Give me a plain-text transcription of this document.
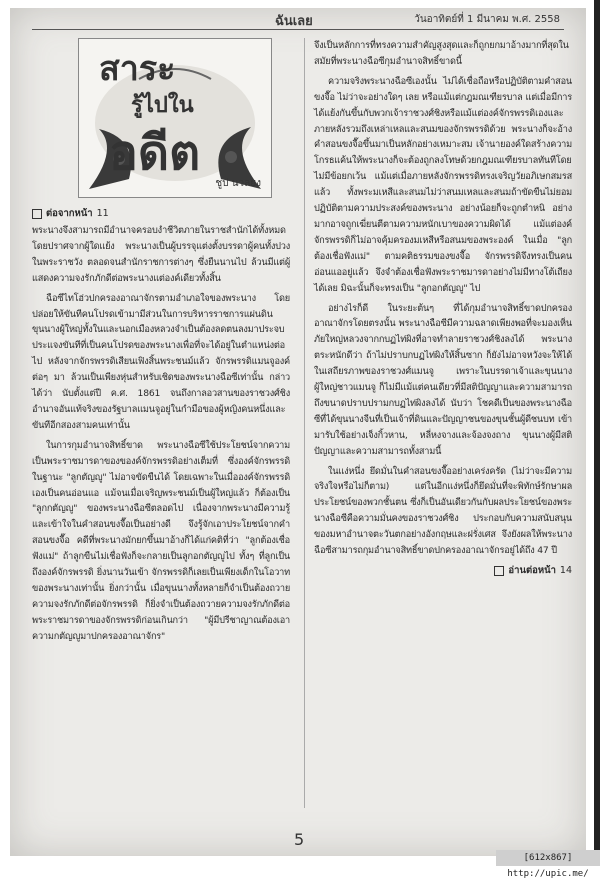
ฉันเลย	วันอาทิตย์ที่ 1 มีนาคม พ.ศ. 2558
สาระ
รู้ไปใน
อดีต
ชูป นวลยง
ต่อจากหน้า 11

พระนางจึงสามารถมีอำนาจครอบงำชีวิตภายในราชสำนักได้ทั้งหมดโดยปราศจากผู้ใดแย้ง พระนางเป็นผู้บรรจุแต่งตั้งบรรดาผู้คนทั้งปวงในพระราชวัง ตลอดจนสำนักราชการต่างๆ ซึ่งยืนนานไป ล้วนมีแต่ผู้แสดงความจงรักภักดีต่อพระนางแต่องค์เดียวทั้งสิ้น

ฉือซีไทโฮ่วปกครองอาณาจักรตามอำเภอใจของพระนาง โดยปล่อยให้ขันทีคนโปรดเข้ามามีส่วนในการบริหารราชการแผ่นดิน ขุนนางผู้ใหญ่ทั้งในและนอกเมืองหลวงจำเป็นต้องลดตนลงมาประจบประแจงขันทีที่เป็นคนโปรดของพระนางเพื่อที่จะได้อยู่ในตำแหน่งต่อไป หลังจากจักรพรรดิเสียนเฟิงสิ้นพระชนม์แล้ว จักรพรรดิแมนจูองค์ต่อๆ มา ล้วนเป็นเพียงหุ่นสำหรับเชิดของพระนางฉือซีเท่านั้น กล่าวได้ว่า นับตั้งแต่ปี ค.ศ. 1861 จนถึงกาลอวสานของราชวงศ์ชิง อำนาจอันแท้จริงของรัฐบาลแมนจูอยู่ในกำมือของผู้หญิงคนหนึ่งและขันทีอีกสองสามคนเท่านั้น

ในการกุมอำนาจสิทธิ์ขาด พระนางฉือซีใช้ประโยชน์จากความเป็นพระราชมารดาของของค์จักรพรรดิอย่างเต็มที่ ซึ่งองค์จักรพรรดิในฐานะ "ลูกตัญญู" ไม่อาจขัดขืนได้ โดยเฉพาะในเมื่อองค์จักรพรรดิเองเป็นคนอ่อนแอ แม้จนเมื่อเจริญพระชนม์เป็นผู้ใหญ่แล้ว ก็ต้องเป็น "ลูกกตัญญู" ของพระนางฉือซีตลอดไป เนื่องจากพระนางมีความรู้และเข้าใจในคำสอนขงจื๊อเป็นอย่างดี จึงรู้จักเอาประโยชน์จากคำสอนขงจื๊อ คดีที่พระนางมักยกขึ้นมาอ้างก็ได้แก่คติที่ว่า "ลูกต้องเชื่อฟังแม่" ถ้าลูกขืนไม่เชื่อฟังก็จะกลายเป็นลูกอกตัญญูไป ทั้งๆ ที่ลูกเป็นถึงองค์จักรพรรดิ ยิ่งนานวันเข้า จักรพรรดิก็เลยเป็นเพียงเด็กในโอวาทของพระนางเท่านั้น ยิ่งกว่านั้น เมื่อขุนนางทั้งหลายก็จำเป็นต้องถวายความจงรักภักดีต่อจักรพรรดิ ก็ยิ่งจำเป็นต้องถวายความจงรักภักดีต่อพระราชมารดาของจักรพรรดิก่อนเกินกว่า "ผู้มีปรีชาญาณต้องเอาความกตัญญูมาปกครองอาณาจักร"

จึงเป็นหลักการที่ทรงความสำคัญสูงสุดและก็ถูกยกมาอ้างมากที่สุดในสมัยที่พระนางฉือซีกุมอำนาจสิทธิ์ขาดนี้

ความจริงพระนางฉือซีเองนั้น ไม่ได้เชื่อถือหรือปฏิบัติตามคำสอนขงจื๊อ ไม่ว่าจะอย่างใดๆ เลย หรือแม้แต่กฎมณเฑียรบาล แต่เมื่อมีการได้แย้งกันขึ้นกับพวกเจ้าราชวงศ์ชิงหรือแม้แต่องค์จักรพรรดิเองและภายหลังรวมถึงเหล่าเหลและสนมของจักรพรรดิด้วย พระนางก็จะอ้างคำสอนขงจื๊อขึ้นมาเป็นหลักอย่างเหมาะสม เจ้านายองค์ใดสร้างความโกรธแค้นให้พระนางก็จะต้องถูกลงโทษด้วยกฎมณเฑียรบาลทันทีโดยไม่มีข้อยกเว้น แม้แต่เมื่อภายหลังจักรพรรดิทรงเจริญวัยอภิเษกสมรสแล้ว ทั้งพระมเหสีและสนมไม่ว่าสนมเหลและสนมถ้าขัดขืนไม่ยอมปฏิบัติตามความประสงค์ของพระนาง อย่างน้อยก็จะถูกตำหนิ อย่างมากอาจถูกเฆี่ยนตีตามความหนักเบาของความผิดได้ แม้แต่องค์จักรพรรดิก็ไม่อาจคุ้มครองมเหสีหรือสนมของพระองค์ ในเมื่อ "ลูกต้องเชื่อฟังแม่" ตามคติธรรมของขงจื๊อ จักรพรรดิจึงทรงเป็นคนอ่อนแออยู่แล้ว จึงจำต้องเชื่อฟังพระราชมารดาอย่างไม่มีทางโต้เถียงได้เลย มิฉะนั้นก็จะทรงเป็น "ลูกอกตัญญู" ไป

อย่างไรก็ดี ในระยะต้นๆ ที่ได้กุมอำนาจสิทธิ์ขาดปกครองอาณาจักรโดยตรงนั้น พระนางฉือซีมีความฉลาดเพียงพอที่จะมองเห็นภัยใหญ่หลวงจากกบฏไท่ผิงที่อาจทำลายราชวงศ์ชิงลงได้ พระนางตระหนักดีว่า ถ้าไม่ปราบกบฏไท่ผิงให้สิ้นซาก ก็ยังไม่อาจหวังจะให้ได้ในเสถียรภาพของราชวงศ์แมนจู เพราะในบรรดาเจ้าและขุนนางผู้ใหญ่ชาวแมนจู ก็ไม่มีแม้แต่คนเดียวที่มีสติปัญญาและความสามารถถึงขนาดปราบปรามกบฏไท่ผิงลงได้ นับว่า โชคดีเป็นของพระนางฉือซีที่ได้ขุนนางจีนที่เป็นเจ้าที่ดินและปัญญาชนของขุนชั้นผู้ดีชนบท เข้ามารับใช้อย่างเจ็งกิ้วหาน, หลี่หงจางและจ้องจงถาง ขุนนางผู้มีสติปัญญาและความสามารถทั้งสามนี้

ในแง่หนึ่ง ยึดมั่นในคำสอนขงจื๊ออย่างเคร่งครัด (ไม่ว่าจะมีความจริงใจหรือไม่ก็ตาม) แต่ในอีกแง่หนึ่งก็ยึดมั่นที่จะพิทักษ์รักษาผลประโยชน์ของพวกชั้นตน ซึ่งก็เป็นอันเดียวกันกับผลประโยชน์ของพระนางฉือซีคือความมั่นคงของราชวงศ์ชิง ประกอบกับความสนับสนุนของมหาอำนาจตะวันตกอย่างอังกฤษและฝรั่งเศส จึงยังผลให้พระนางฉือซีสามารถกุมอำนาจสิทธิ์ขาดปกครองอาณาจักรอยู่ได้ถึง 47 ปี

อ่านต่อหน้า 14
5
[612x867]
